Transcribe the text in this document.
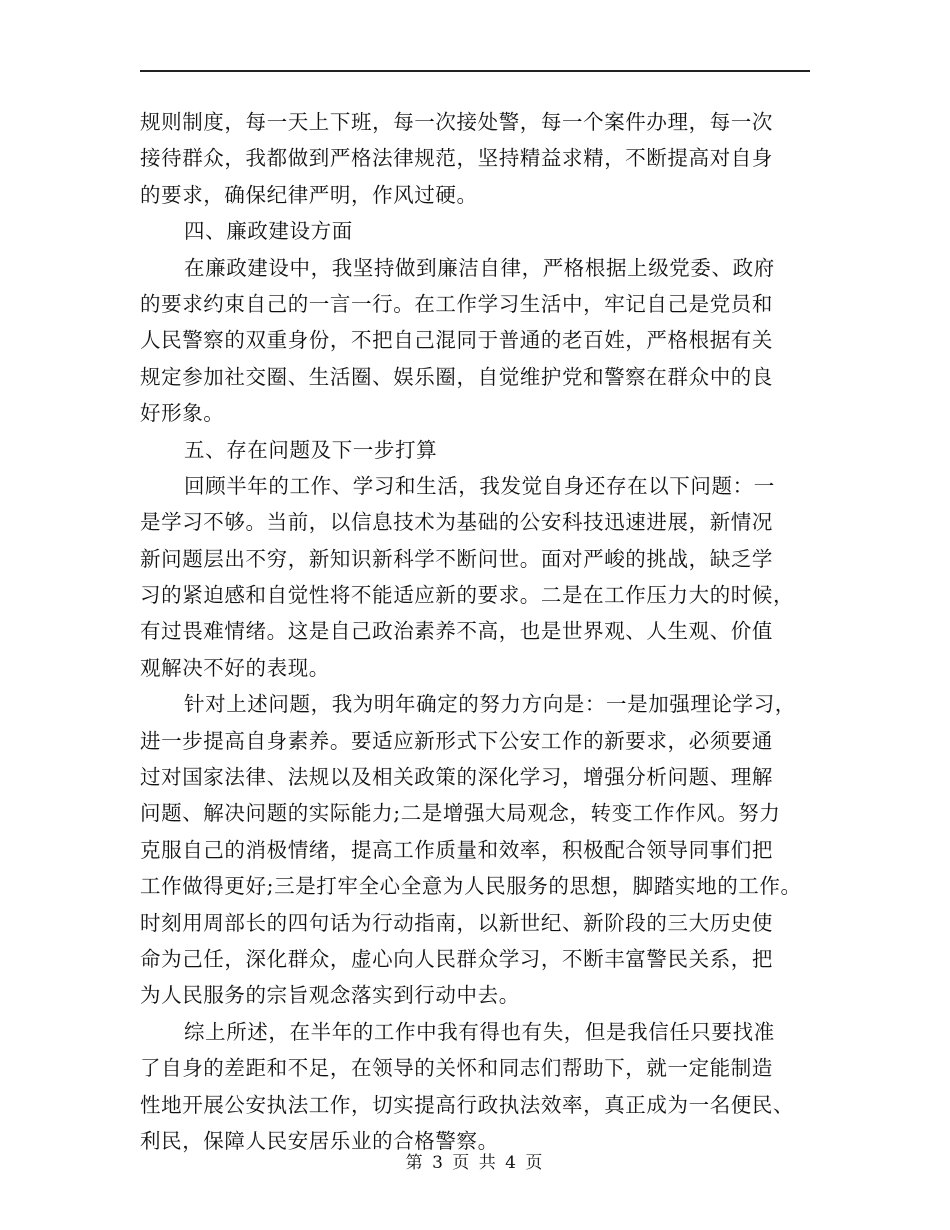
规则制度，每一天上下班，每一次接处警，每一个案件办理，每一次
接待群众，我都做到严格法律规范，坚持精益求精，不断提高对自身
的要求，确保纪律严明，作风过硬。
四、廉政建设方面
在廉政建设中，我坚持做到廉洁自律，严格根据上级党委、政府
的要求约束自己的一言一行。在工作学习生活中，牢记自己是党员和
人民警察的双重身份，不把自己混同于普通的老百姓，严格根据有关
规定参加社交圈、生活圈、娱乐圈，自觉维护党和警察在群众中的良
好形象。
五、存在问题及下一步打算
回顾半年的工作、学习和生活，我发觉自身还存在以下问题：一
是学习不够。当前，以信息技术为基础的公安科技迅速进展，新情况
新问题层出不穷，新知识新科学不断问世。面对严峻的挑战，缺乏学
习的紧迫感和自觉性将不能适应新的要求。二是在工作压力大的时候，
有过畏难情绪。这是自己政治素养不高，也是世界观、人生观、价值
观解决不好的表现。
针对上述问题，我为明年确定的努力方向是：一是加强理论学习，
进一步提高自身素养。要适应新形式下公安工作的新要求，必须要通
过对国家法律、法规以及相关政策的深化学习，增强分析问题、理解
问题、解决问题的实际能力;二是增强大局观念，转变工作作风。努力
克服自己的消极情绪，提高工作质量和效率，积极配合领导同事们把
工作做得更好;三是打牢全心全意为人民服务的思想，脚踏实地的工作。
时刻用周部长的四句话为行动指南，以新世纪、新阶段的三大历史使
命为己任，深化群众，虚心向人民群众学习，不断丰富警民关系，把
为人民服务的宗旨观念落实到行动中去。
综上所述，在半年的工作中我有得也有失，但是我信任只要找准
了自身的差距和不足，在领导的关怀和同志们帮助下，就一定能制造
性地开展公安执法工作，切实提高行政执法效率，真正成为一名便民、
利民，保障人民安居乐业的合格警察。
第 3 页 共 4 页
